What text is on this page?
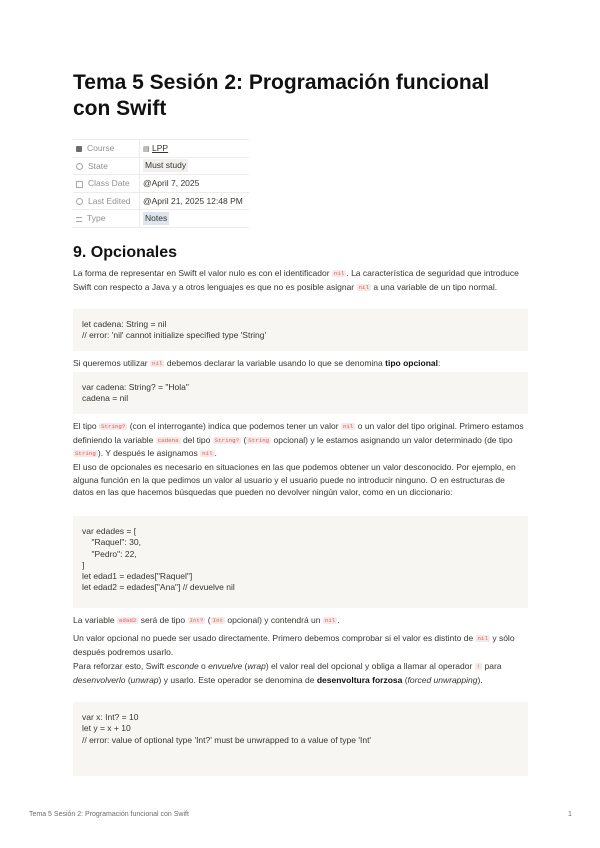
Tema 5 Sesión 2: Programación funcional con Swift
Course	▤ LPP
State	Must study
Class Date	@April 7, 2025
Last Edited	@April 21, 2025 12:48 PM
Type	Notes
9. Opcionales

La forma de representar en Swift el valor nulo es con el identificador nil . La característica de seguridad que introduce Swift con respecto a Java y a otros lenguajes es que no es posible asignar nil a una variable de un tipo normal.

let cadena: String = nil
// error: 'nil' cannot initialize specified type 'String'

Si queremos utilizar nil debemos declarar la variable usando lo que se denomina tipo opcional:

var cadena: String? = "Hola"
cadena = nil

El tipo String? (con el interrogante) indica que podemos tener un valor nil o un valor del tipo original. Primero estamos definiendo la variable cadena del tipo String? ( String opcional) y le estamos asignando un valor determinado (de tipo String ). Y después le asignamos nil .

El uso de opcionales es necesario en situaciones en las que podemos obtener un valor desconocido. Por ejemplo, en alguna función en la que pedimos un valor al usuario y el usuario puede no introducir ninguno. O en estructuras de datos en las que hacemos búsquedas que pueden no devolver ningún valor, como en un diccionario:

var edades = [
"Raquel": 30,
"Pedro": 22,
]
let edad1 = edades["Raquel"]
let edad2 = edades["Ana"] // devuelve nil

La variable edad2 será de tipo Int? ( Int opcional) y contendrá un nil .

Un valor opcional no puede ser usado directamente. Primero debemos comprobar si el valor es distinto de nil y sólo después podremos usarlo.

Para reforzar esto, Swift esconde o envuelve (wrap) el valor real del opcional y obliga a llamar al operador ! para desenvolverlo (unwrap) y usarlo. Este operador se denomina de desenvoltura forzosa (forced unwrapping).

var x: Int? = 10
let y = x + 10
// error: value of optional type 'Int?' must be unwrapped to a value of type 'Int'
Tema 5 Sesión 2: Programación funcional con Swift	1
